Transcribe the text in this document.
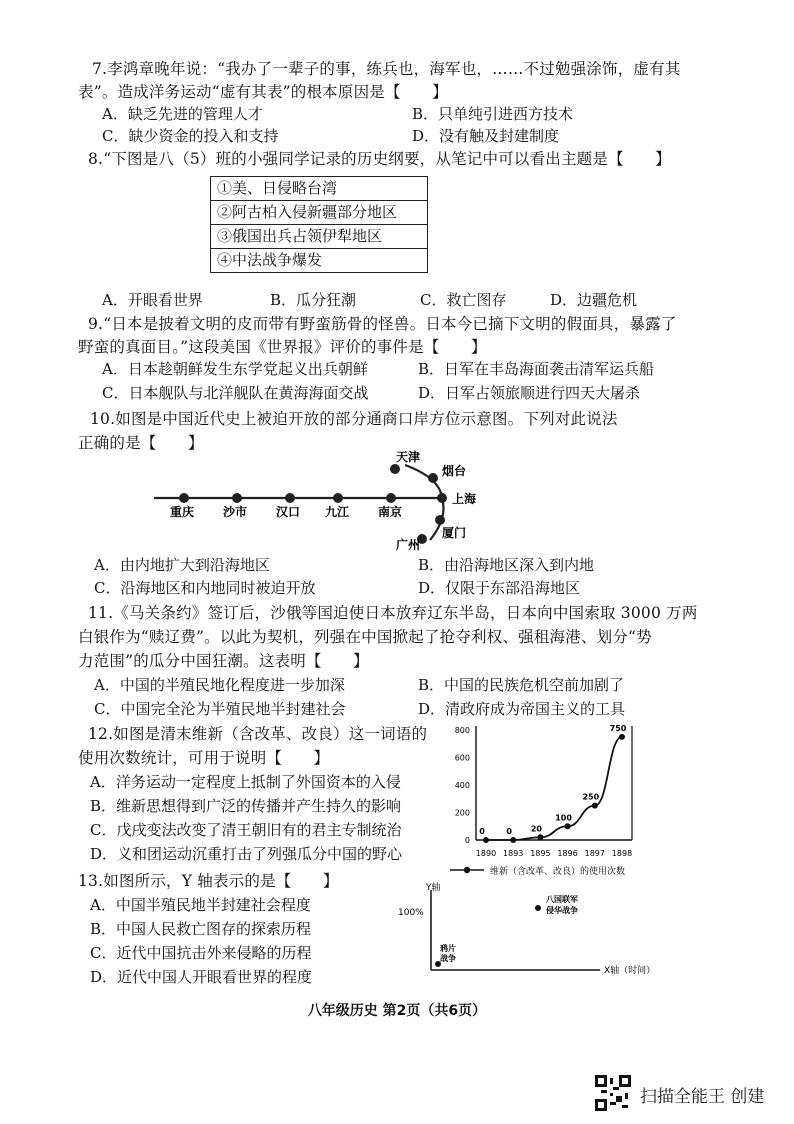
7.李鸿章晚年说：“我办了一辈子的事，练兵也，海军也，……不过勉强涂饰，虚有其
表”。造成洋务运动“虚有其表”的根本原因是【　　】
A．缺乏先进的管理人才	B．只单纯引进西方技术
C．缺少资金的投入和支持	D．没有触及封建制度
8.“下图是八（5）班的小强同学记录的历史纲要，从笔记中可以看出主题是【　　】
①美、日侵略台湾
②阿古柏入侵新疆部分地区
③俄国出兵占领伊犁地区
④中法战争爆发
A．开眼看世界	B．瓜分狂潮	C．救亡图存	D．边疆危机
9.“日本是披着文明的皮而带有野蛮筋骨的怪兽。日本今已摘下文明的假面具，暴露了
野蛮的真面目。”这段美国《世界报》评价的事件是【　　】
A．日本趁朝鲜发生东学党起义出兵朝鲜	B．日军在丰岛海面袭击清军运兵船
C．日本舰队与北洋舰队在黄海海面交战	D．日军占领旅顺进行四天大屠杀
10.如图是中国近代史上被迫开放的部分通商口岸方位示意图。下列对此说法
正确的是【　　】
重庆 沙市 汉口 九江 南京
上海
天津
烟台
厦门
广州
A．由内地扩大到沿海地区	B．由沿海地区深入到内地
C．沿海地区和内地同时被迫开放	D．仅限于东部沿海地区
11.《马关条约》签订后，沙俄等国迫使日本放弃辽东半岛，日本向中国索取 3000 万两
白银作为“赎辽费”。以此为契机，列强在中国掀起了抢夺利权、强租海港、划分“势
力范围”的瓜分中国狂潮。这表明【　　】
A．中国的半殖民地化程度进一步加深	B．中国的民族危机空前加剧了
C．中国完全沦为半殖民地半封建社会	D．清政府成为帝国主义的工具
12.如图是清末维新（含改革、改良）这一词语的
使用次数统计，可用于说明【　　】
A．洋务运动一定程度上抵制了外国资本的入侵
B．维新思想得到广泛的传播并产生持久的影响
C．戊戌变法改变了清王朝旧有的君主专制统治
D．义和团运动沉重打击了列强瓜分中国的野心
800
600
400
200
0
1890 1893 1895 1896 1897 1898
0	0 20
100
250
750
维新（含改革、改良）的使用次数
13.如图所示，Y 轴表示的是【　　】
A．中国半殖民地半封建社会程度
B．中国人民救亡图存的探索历程
C．近代中国抗击外来侵略的历程
D．近代中国人开眼看世界的程度
Y轴
100%
X轴（时间）
鸦片
战争
八国联军
侵华战争
八年级历史 第2页（共6页）
扫描全能王 创建
